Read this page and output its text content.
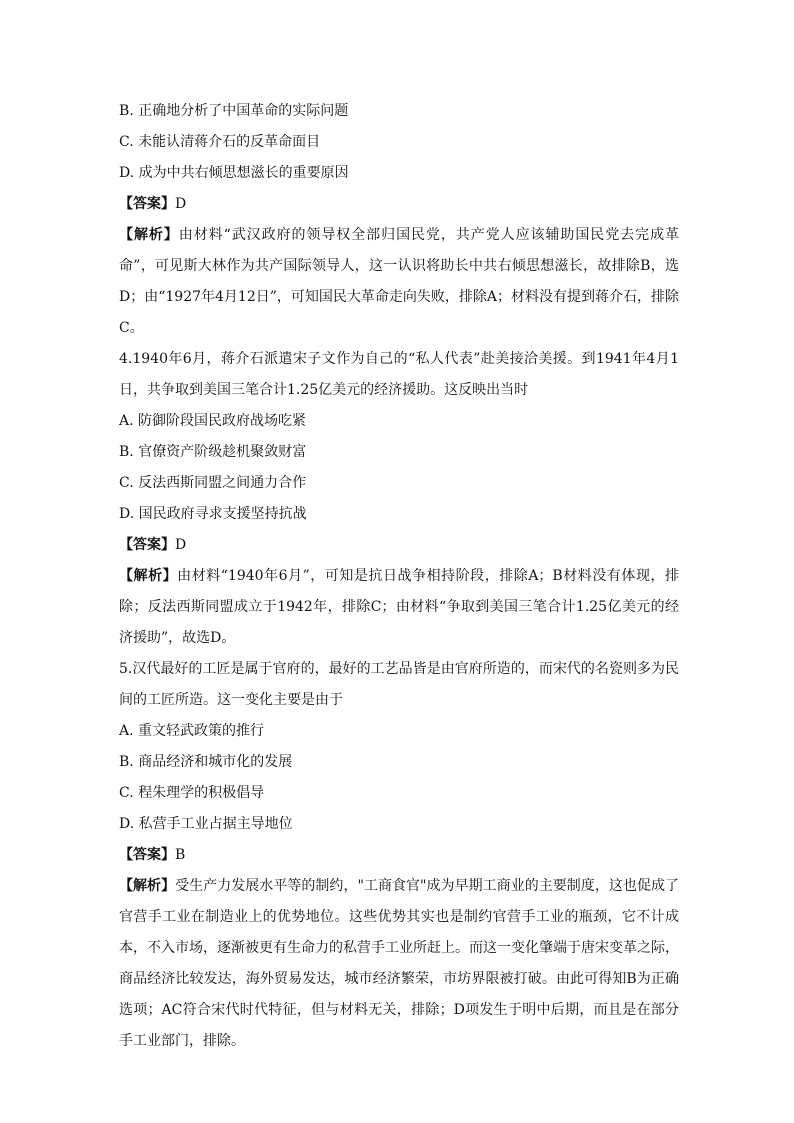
B. 正确地分析了中国革命的实际问题
C. 未能认清蒋介石的反革命面目
D. 成为中共右倾思想滋长的重要原因
【答案】D
【解析】由材料“武汉政府的领导权全部归国民党，共产党人应该辅助国民党去完成革命”，可见斯大林作为共产国际领导人，这一认识将助长中共右倾思想滋长，故排除B，选D；由“1927年4月12日”，可知国民大革命走向失败，排除A；材料没有提到蒋介石，排除C。
4.1940年6月，蒋介石派遣宋子文作为自己的“私人代表”赴美接洽美援。到1941年4月1日，共争取到美国三笔合计1.25亿美元的经济援助。这反映出当时
A. 防御阶段国民政府战场吃紧
B. 官僚资产阶级趁机聚敛财富
C. 反法西斯同盟之间通力合作
D. 国民政府寻求支援坚持抗战
【答案】D
【解析】由材料“1940年6月”，可知是抗日战争相持阶段，排除A；B材料没有体现，排除；反法西斯同盟成立于1942年，排除C；由材料“争取到美国三笔合计1.25亿美元的经济援助”，故选D。
5.汉代最好的工匠是属于官府的，最好的工艺品皆是由官府所造的，而宋代的名瓷则多为民间的工匠所造。这一变化主要是由于
A. 重文轻武政策的推行
B. 商品经济和城市化的发展
C. 程朱理学的积极倡导
D. 私营手工业占据主导地位
【答案】B
【解析】受生产力发展水平等的制约，"工商食官"成为早期工商业的主要制度，这也促成了官营手工业在制造业上的优势地位。这些优势其实也是制约官营手工业的瓶颈，它不计成本，不入市场，逐渐被更有生命力的私营手工业所赶上。而这一变化肇端于唐宋变革之际，商品经济比较发达，海外贸易发达，城市经济繁荣，市坊界限被打破。由此可得知B为正确选项；AC符合宋代时代特征，但与材料无关，排除；D项发生于明中后期，而且是在部分手工业部门，排除。
